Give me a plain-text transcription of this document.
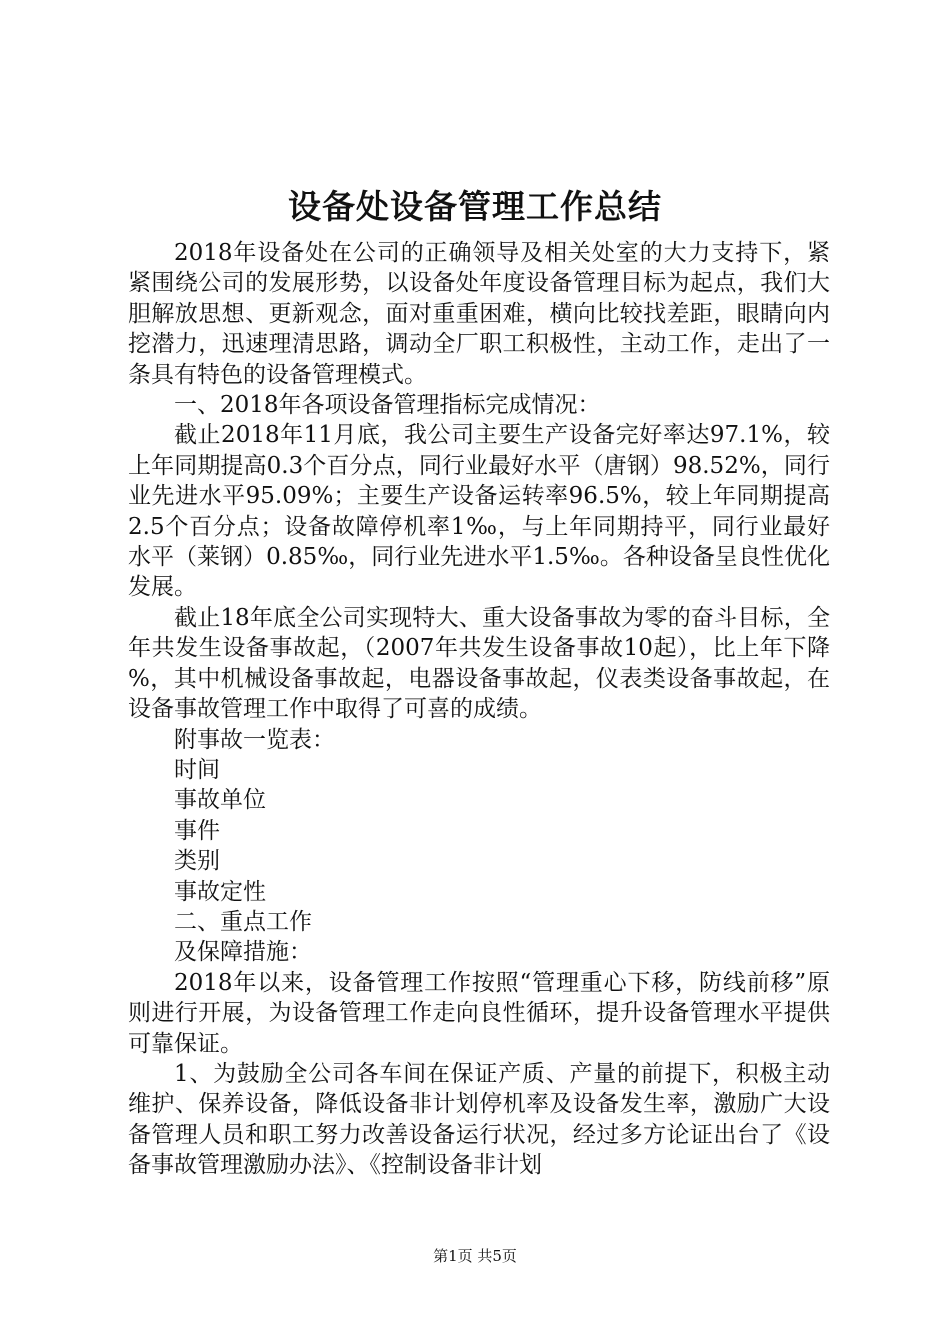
设备处设备管理工作总结

2018年设备处在公司的正确领导及相关处室的大力支持下，紧紧围绕公司的发展形势，以设备处年度设备管理目标为起点，我们大胆解放思想、更新观念，面对重重困难，横向比较找差距，眼睛向内挖潜力，迅速理清思路，调动全厂职工积极性，主动工作，走出了一条具有特色的设备管理模式。

一、2018年各项设备管理指标完成情况：

截止2018年11月底，我公司主要生产设备完好率达97.1%，较上年同期提高0.3个百分点，同行业最好水平（唐钢）98.52%，同行业先进水平95.09%；主要生产设备运转率96.5%，较上年同期提高2.5个百分点；设备故障停机率1‰，与上年同期持平，同行业最好水平（莱钢）0.85‰，同行业先进水平1.5‰。各种设备呈良性优化发展。

截止18年底全公司实现特大、重大设备事故为零的奋斗目标，全年共发生设备事故起，（2007年共发生设备事故10起），比上年下降%，其中机械设备事故起，电器设备事故起，仪表类设备事故起，在设备事故管理工作中取得了可喜的成绩。

附事故一览表：

时间

事故单位

事件

类别

事故定性

二、重点工作

及保障措施：

2018年以来，设备管理工作按照“管理重心下移，防线前移”原则进行开展，为设备管理工作走向良性循环，提升设备管理水平提供可靠保证。

1、为鼓励全公司各车间在保证产质、产量的前提下，积极主动维护、保养设备，降低设备非计划停机率及设备发生率，激励广大设备管理人员和职工努力改善设备运行状况，经过多方论证出台了《设备事故管理激励办法》、《控制设备非计划

第1页 共5页
